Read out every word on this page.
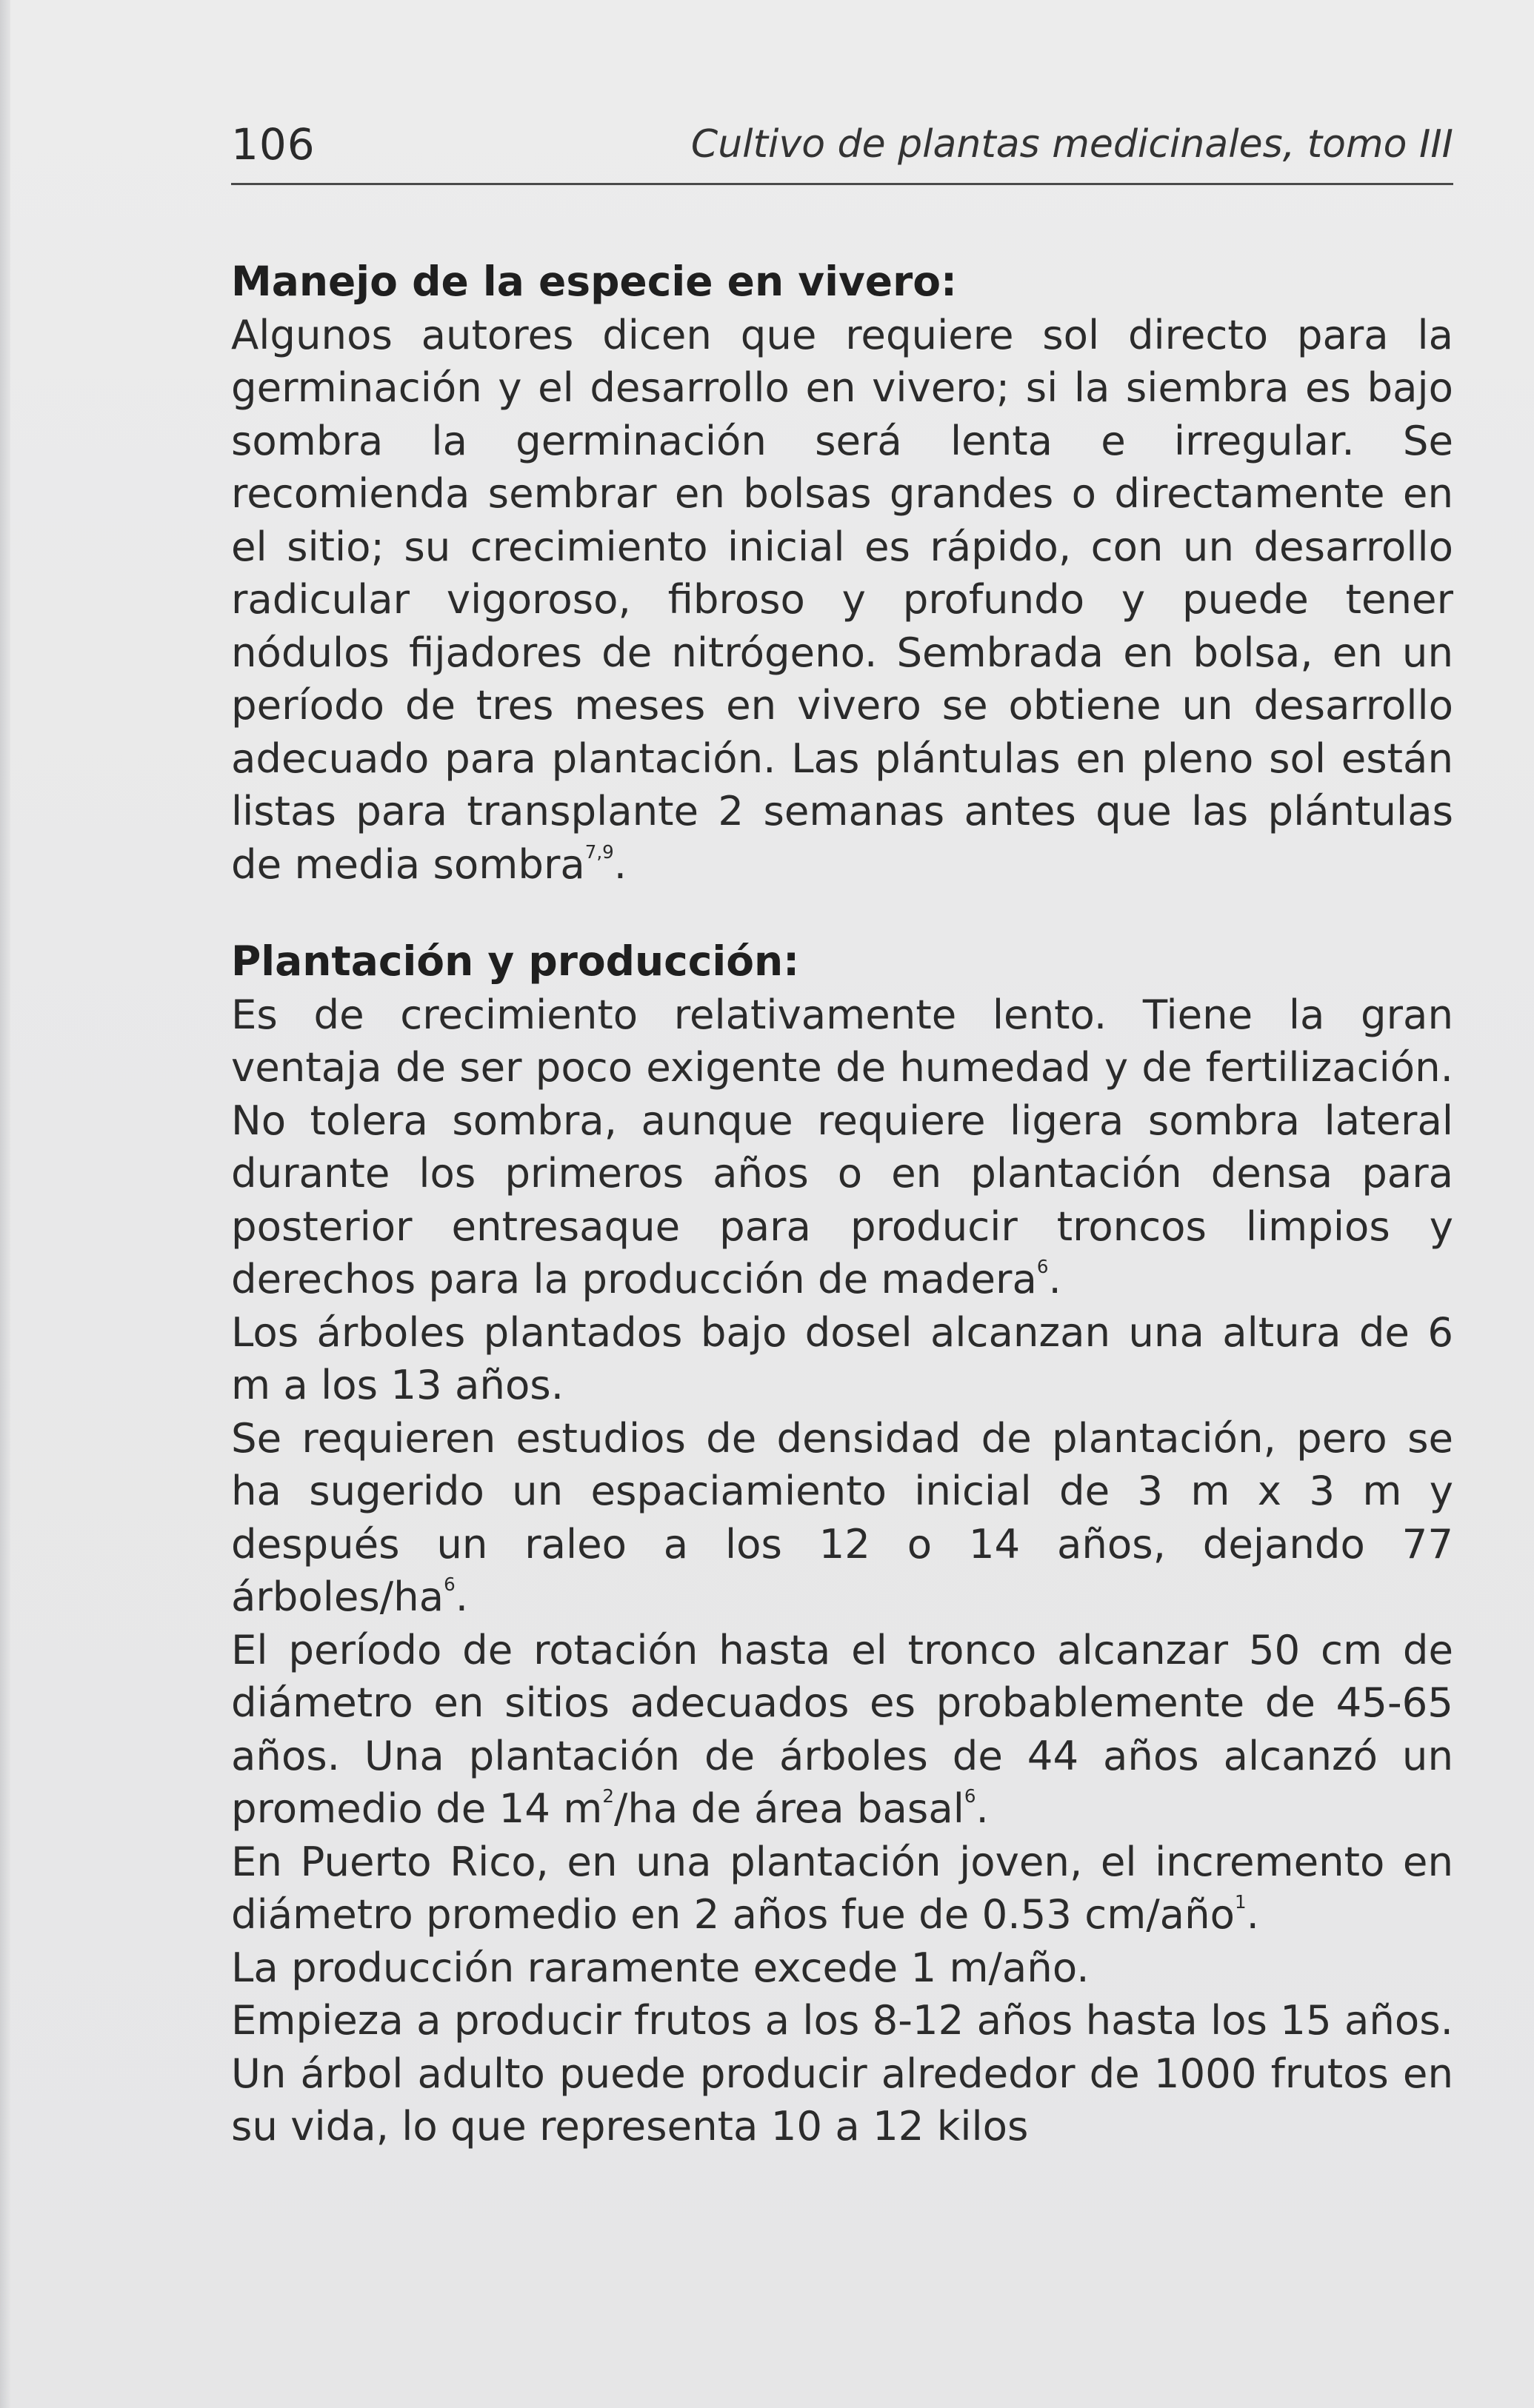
106	Cultivo de plantas medicinales, tomo III
Manejo de la especie en vivero:

Algunos autores dicen que requiere sol directo para la germinación y el desarrollo en vivero; si la siembra es bajo sombra la germinación será lenta e irregular. Se recomienda sembrar en bolsas grandes o directamente en el sitio; su crecimiento inicial es rápido, con un desarrollo radicular vigoroso, fibroso y profundo y puede tener nódulos fijadores de nitrógeno. Sembrada en bolsa, en un período de tres meses en vivero se obtiene un desarrollo adecuado para plantación. Las plántulas en pleno sol están listas para transplante 2 semanas antes que las plántulas de media sombra$^{7,9}$.

Plantación y producción:

Es de crecimiento relativamente lento. Tiene la gran ventaja de ser poco exigente de humedad y de fertilización. No tolera sombra, aunque requiere ligera sombra lateral durante los primeros años o en plantación densa para posterior entresaque para producir troncos limpios y derechos para la producción de madera$^6$.

Los árboles plantados bajo dosel alcanzan una altura de 6 m a los 13 años.

Se requieren estudios de densidad de plantación, pero se ha sugerido un espaciamiento inicial de 3 m x 3 m y después un raleo a los 12 o 14 años, dejando 77 árboles/$ha^6$.

El período de rotación hasta el tronco alcanzar 50 cm de diámetro en sitios adecuados es probablemente de 45-65 años. Una plantación de árboles de 44 años alcanzó un promedio de 14 $m^2/ha$ de área basal$^6$.

En Puerto Rico, en una plantación joven, el incremento en diámetro promedio en 2 años fue de 0.53 cm/año$^1$.

La producción raramente excede 1 m/año.

Empieza a producir frutos a los 8-12 años hasta los 15 años. Un árbol adulto puede producir alrededor de 1000 frutos en su vida, lo que representa 10 a 12 kilos
